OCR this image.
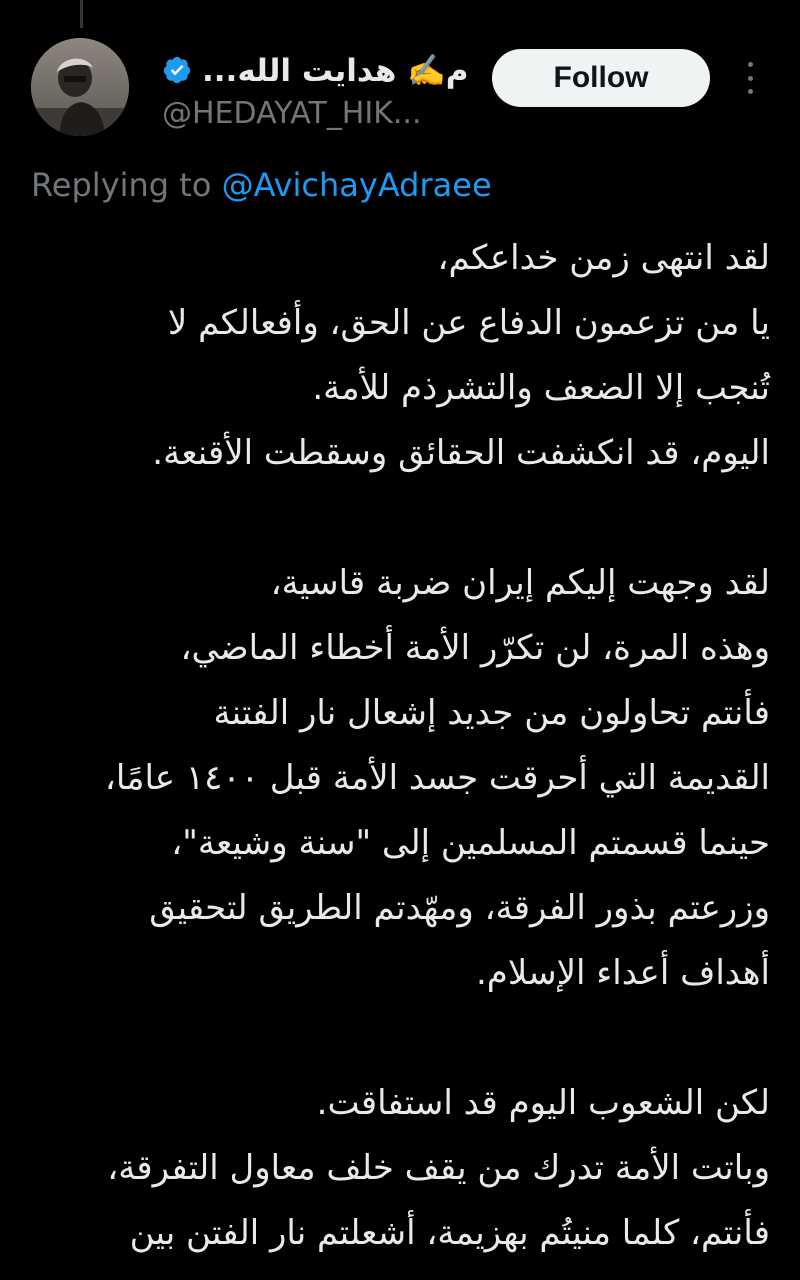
م✍️ هدايت الله...
@HEDAYAT_HIK...
Follow
Replying to @AvichayAdraee

لقد انتهى زمن خداعكم،

يا من تزعمون الدفاع عن الحق، وأفعالكم لا

تُنجب إلا الضعف والتشرذم للأمة.

اليوم، قد انكشفت الحقائق وسقطت الأقنعة.

لقد وجهت إليكم إيران ضربة قاسية،

وهذه المرة، لن تكرّر الأمة أخطاء الماضي،

فأنتم تحاولون من جديد إشعال نار الفتنة

القديمة التي أحرقت جسد الأمة قبل ١٤٠٠ عامًا،

حينما قسمتم المسلمين إلى "سنة وشيعة"،

وزرعتم بذور الفرقة، ومهّدتم الطريق لتحقيق

أهداف أعداء الإسلام.

لكن الشعوب اليوم قد استفاقت.

وباتت الأمة تدرك من يقف خلف معاول التفرقة،

فأنتم، كلما منيتُم بهزيمة، أشعلتم نار الفتن بين
